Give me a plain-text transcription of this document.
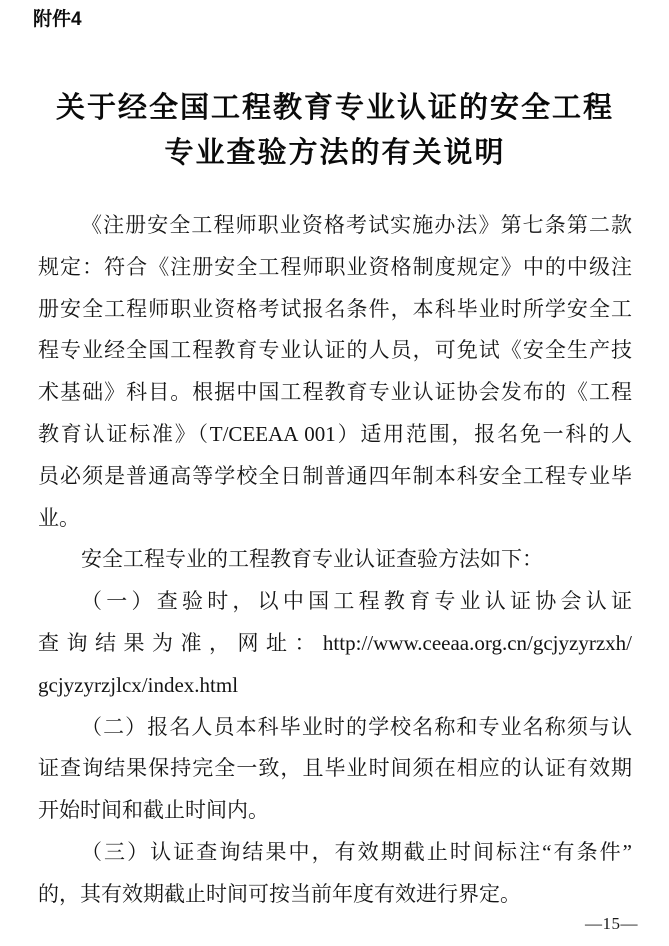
附件4
关于经全国工程教育专业认证的安全工程
专业查验方法的有关说明
《注册安全工程师职业资格考试实施办法》第七条第二款
规定：符合《注册安全工程师职业资格制度规定》中的中级注
册安全工程师职业资格考试报名条件，本科毕业时所学安全工
程专业经全国工程教育专业认证的人员，可免试《安全生产技
术基础》科目。根据中国工程教育专业认证协会发布的《工程
教育认证标准》（T/CEEAA 001）适用范围，报名免一科的人
员必须是普通高等学校全日制普通四年制本科安全工程专业毕
业。
安全工程专业的工程教育专业认证查验方法如下：
（一）查验时，以中国工程教育专业认证协会认证
查询结果为准，网址：http://www.ceeaa.org.cn/gcjyzyrzxh/
gcjyzyrzjlcx/index.html
（二）报名人员本科毕业时的学校名称和专业名称须与认
证查询结果保持完全一致，且毕业时间须在相应的认证有效期
开始时间和截止时间内。
（三）认证查询结果中，有效期截止时间标注“有条件”
的，其有效期截止时间可按当前年度有效进行界定。
—15—
